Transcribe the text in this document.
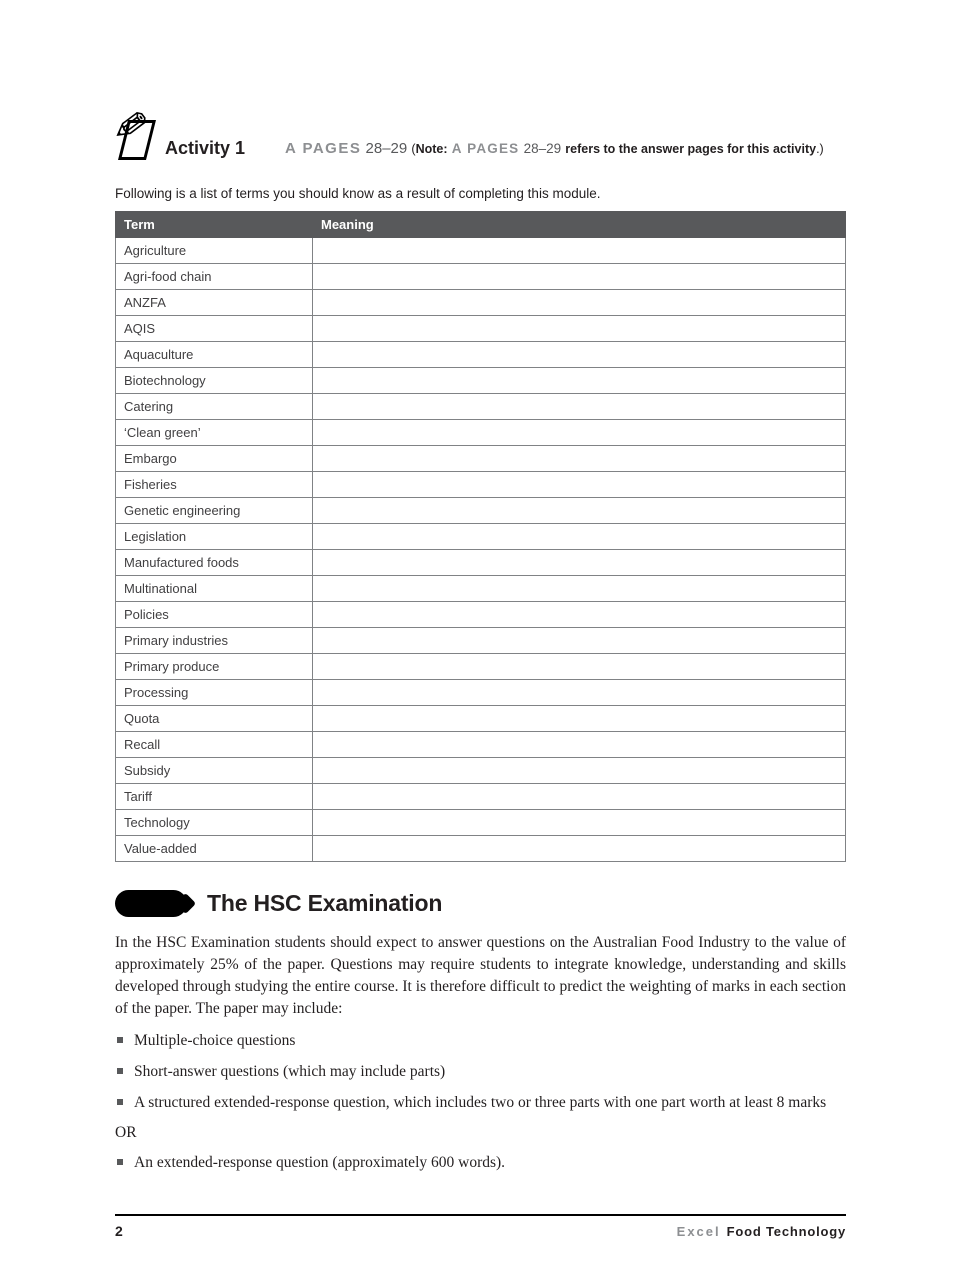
✎ Activity 1	A PAGES 28–29 (Note: A PAGES 28–29 refers to the answer pages for this activity.)

Following is a list of terms you should know as a result of completing this module.

Term	Meaning
Agriculture	
Agri-food chain	
ANZFA	
AQIS	
Aquaculture	
Biotechnology	
Catering	
‘Clean green’	
Embargo	
Fisheries	
Genetic engineering	
Legislation	
Manufactured foods	
Multinational	
Policies	
Primary industries	
Primary produce	
Processing	
Quota	
Recall	
Subsidy	
Tariff	
Technology	
Value-added	
The HSC Examination

In the HSC Examination students should expect to answer questions on the Australian Food Industry to the value of approximately 25% of the paper. Questions may require students to integrate knowledge, understanding and skills developed through studying the entire course. It is therefore difficult to predict the weighting of marks in each section of the paper. The paper may include:

Multiple-choice questions
Short-answer questions (which may include parts)
A structured extended-response question, which includes two or three parts with one part worth at least 8 marks

OR

An extended-response question (approximately 600 words).
2	Excel Food Technology
